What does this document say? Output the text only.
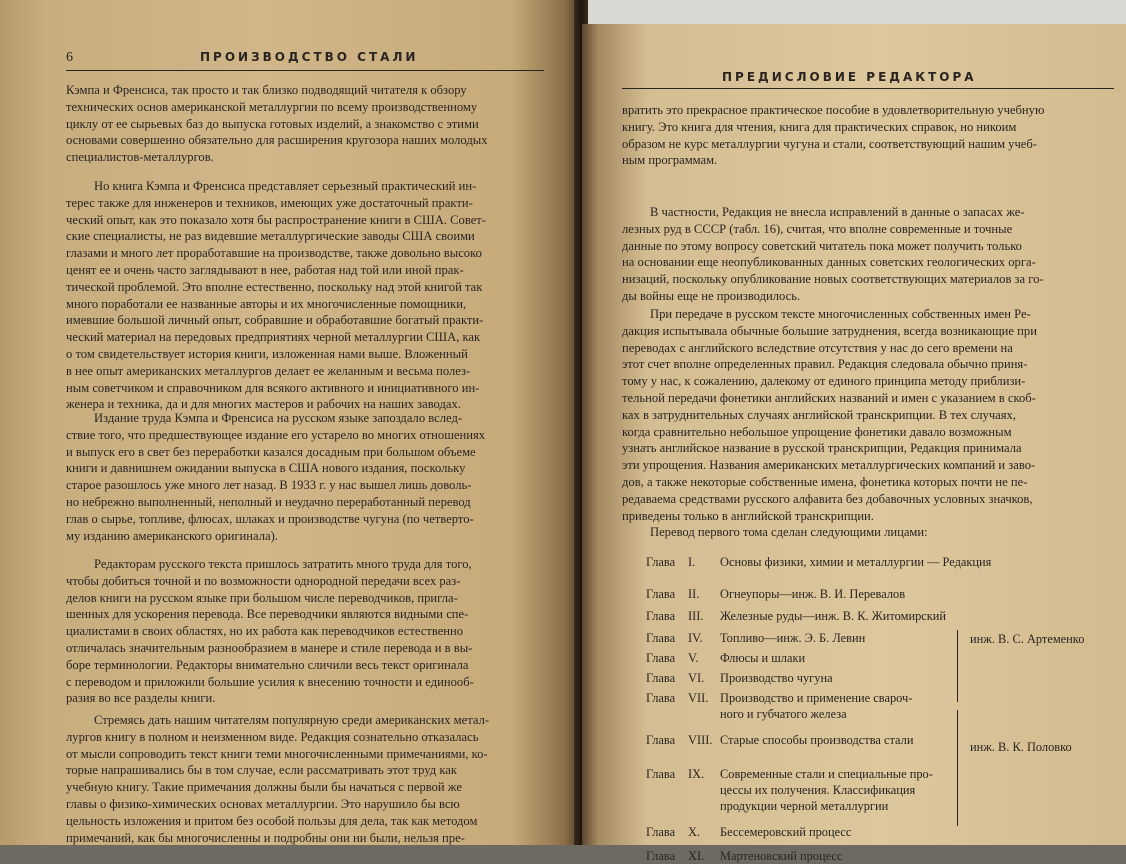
6	ПРОИЗВОДСТВО СТАЛИ
Кэмпа и Френсиса, так просто и так близко подводящий читателя к обзору
технических основ американской металлургии по всему производственному
циклу от ее сырьевых баз до выпуска готовых изделий, а знакомство с этими
основами совершенно обязательно для расширения кругозора наших молодых
специалистов-металлургов.
Но книга Кэмпа и Френсиса представляет серьезный практический ин-
терес также для инженеров и техников, имеющих уже достаточный практи-
ческий опыт, как это показало хотя бы распространение книги в США. Совет-
ские специалисты, не раз видевшие металлургические заводы США своими
глазами и много лет проработавшие на производстве, также довольно высоко
ценят ее и очень часто заглядывают в нее, работая над той или иной прак-
тической проблемой. Это вполне естественно, поскольку над этой книгой так
много поработали ее названные авторы и их многочисленные помощники,
имевшие большой личный опыт, собравшие и обработавшие богатый практи-
ческий материал на передовых предприятиях черной металлургии США, как
о том свидетельствует история книги, изложенная нами выше. Вложенный
в нее опыт американских металлургов делает ее желанным и весьма полез-
ным советчиком и справочником для всякого активного и инициативного ин-
женера и техника, да и для многих мастеров и рабочих на наших заводах.
Издание труда Кэмпа и Френсиса на русском языке запоздало вслед-
ствие того, что предшествующее издание его устарело во многих отношениях
и выпуск его в свет без переработки казался досадным при большом объеме
книги и давнишнем ожидании выпуска в США нового издания, поскольку
старое разошлось уже много лет назад. В 1933 г. у нас вышел лишь доволь-
но небрежно выполненный, неполный и неудачно переработанный перевод
глав о сырье, топливе, флюсах, шлаках и производстве чугуна (по четверто-
му изданию американского оригинала).
Редакторам русского текста пришлось затратить много труда для того,
чтобы добиться точной и по возможности однородной передачи всех раз-
делов книги на русском языке при большом числе переводчиков, пригла-
шенных для ускорения перевода. Все переводчики являются видными спе-
циалистами в своих областях, но их работа как переводчиков естественно
отличалась значительным разнообразием в манере и стиле перевода и в вы-
боре терминологии. Редакторы внимательно сличили весь текст оригинала
с переводом и приложили большие усилия к внесению точности и единооб-
разия во все разделы книги.
Стремясь дать нашим читателям популярную среди американских метал-
лургов книгу в полном и неизменном виде. Редакция сознательно отказалась
от мысли сопроводить текст книги теми многочисленными примечаниями, ко-
торые напрашивались бы в том случае, если рассматривать этот труд как
учебную книгу. Такие примечания должны были бы начаться с первой же
главы о физико-химических основах металлургии. Это нарушило бы всю
цельность изложения и притом без особой пользы для дела, так как методом
примечаний, как бы многочисленны и подробны они ни были, нельзя пре-
ПРЕДИСЛОВИЕ РЕДАКТОРА
вратить это прекрасное практическое пособие в удовлетворительную учебную
книгу. Это книга для чтения, книга для практических справок, но никоим
образом не курс металлургии чугуна и стали, соответствующий нашим учеб-
ным программам.
В частности, Редакция не внесла исправлений в данные о запасах же-
лезных руд в СССР (табл. 16), считая, что вполне современные и точные
данные по этому вопросу советский читатель пока может получить только
на основании еще неопубликованных данных советских геологических орга-
низаций, поскольку опубликование новых соответствующих материалов за го-
ды войны еще не производилось.
При передаче в русском тексте многочисленных собственных имен Ре-
дакция испытывала обычные большие затруднения, всегда возникающие при
переводах с английского вследствие отсутствия у нас до сего времени на
этот счет вполне определенных правил. Редакция следовала обычно приня-
тому у нас, к сожалению, далекому от единого принципа методу приблизи-
тельной передачи фонетики английских названий и имен с указанием в скоб-
ках в затруднительных случаях английской транскрипции. В тех случаях,
когда сравнительно небольшое упрощение фонетики давало возможным
узнать английское название в русской транскрипции, Редакция принимала
эти упрощения. Названия американских металлургических компаний и заво-
дов, а также некоторые собственные имена, фонетика которых почти не пе-
редаваема средствами русского алфавита без добавочных условных значков,
приведены только в английской транскрипции.
Перевод первого тома сделан следующими лицами:
Глава I. Основы физики, химии и металлургии — Редакция
Глава II. Огнеупоры—инж. В. И. Перевалов
Глава III. Железные руды—инж. В. К. Житомирский
Глава IV. Топливо—инж. Э. Б. Левин
Глава V. Флюсы и шлаки
Глава VI. Производство чугуна
Глава VII. Производство и применение свароч-
ного и губчатого железа
Глава VIII. Старые способы производства стали
Глава IX. Современные стали и специальные про-
цессы их получения. Классификация
продукции черной металлургии
Глава X. Бессемеровский процесс
Глава XI. Мартеновский процесс
инж. В. С. Артеменко
инж. В. К. Половко
